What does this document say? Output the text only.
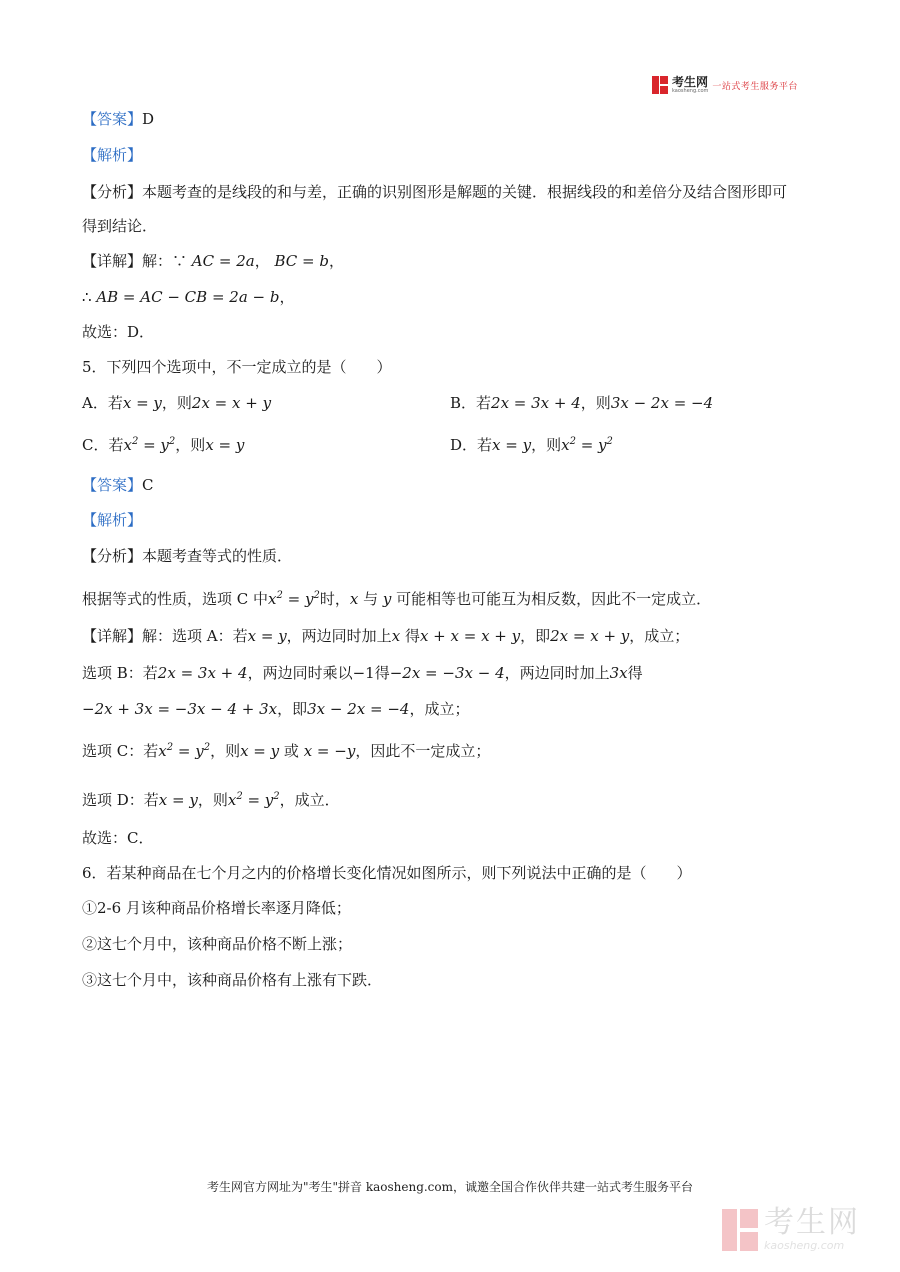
考生网
kaosheng.com 一站式考生服务平台
【答案】D
【解析】
【分析】本题考查的是线段的和与差，正确的识别图形是解题的关键．根据线段的和差倍分及结合图形即可
得到结论．
【详解】解：∵ AC = 2a， BC = b，
∴ AB = AC − CB = 2a − b，
故选：D．
5．下列四个选项中，不一定成立的是（　　）
A．若x = y，则2x = x + y	B．若2x = 3x + 4，则3x − 2x = −4
C．若$x^2 = y^2$，则x = y	D．若x = y，则$x^2 = y^2$
【答案】C
【解析】
【分析】本题考查等式的性质．
根据等式的性质，选项 C 中$x^2 = y^2$时，x 与 y 可能相等也可能互为相反数，因此不一定成立．
【详解】解：选项 A：若x = y，两边同时加上x 得x + x = x + y，即2x = x + y，成立；
选项 B：若2x = 3x + 4，两边同时乘以−1得−2x = −3x − 4，两边同时加上3x得
−2x + 3x = −3x − 4 + 3x，即3x − 2x = −4，成立；
选项 C：若$x^2 = y^2$，则x = y 或 x = −y，因此不一定成立；
选项 D：若x = y，则$x^2 = y^2$，成立．
故选：C．
6．若某种商品在七个月之内的价格增长变化情况如图所示，则下列说法中正确的是（　　）
①2-6 月该种商品价格增长率逐月降低；
②这七个月中，该种商品价格不断上涨；
③这七个月中，该种商品价格有上涨有下跌．
考生网官方网址为"考生"拼音 kaosheng.com，诚邀全国合作伙伴共建一站式考生服务平台
考生网
kaosheng.com
